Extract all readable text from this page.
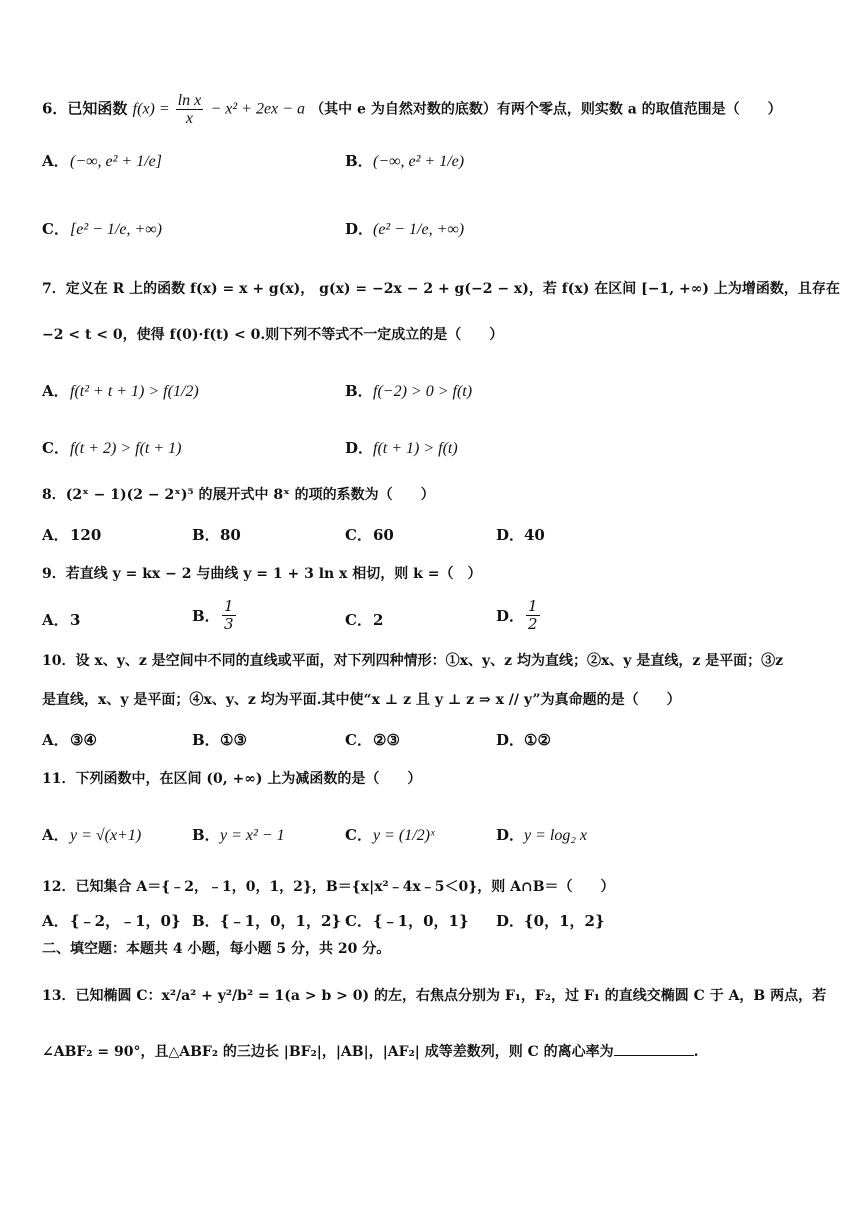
6．已知函数 $f(x) = \frac{\text{ln x}}{x} - x^2 + 2ex - a$ （其中 e 为自然对数的底数）有两个零点，则实数 a 的取值范围是（　　）
A．(−∞, e² + 1/e]	B．(−∞, e² + 1/e)
C．[e² − 1/e, +∞)	D．(e² − 1/e, +∞)
7．定义在 R 上的函数 f(x) = x + g(x)， g(x) = −2x − 2 + g(−2 − x)，若 f(x) 在区间 [−1, +∞) 上为增函数，且存在
−2 < t < 0，使得 f(0)·f(t) < 0.则下列不等式不一定成立的是（　　）
A．f(t² + t + 1) > f(1/2)	B．f(−2) > 0 > f(t)
C．f(t + 2) > f(t + 1)	D．f(t + 1) > f(t)
8．(2ˣ − 1)(2 − 2ˣ)⁵ 的展开式中 8ˣ 的项的系数为（　　）
A．120	B．80	C．60	D．40
9．若直线 y = kx − 2 与曲线 y = 1 + 3 ln x 相切，则 k =（　）
A．3	B． $\frac{1}{3}$	C．2	D． $\frac{1}{2}$
10．设 x、y、z 是空间中不同的直线或平面，对下列四种情形：①x、y、z 均为直线；②x、y 是直线，z 是平面；③z
是直线，x、y 是平面；④x、y、z 均为平面.其中使“x ⊥ z 且 y ⊥ z ⇒ x // y”为真命题的是（　　）
A．③④	B．①③	C．②③	D．①②
11．下列函数中，在区间 (0, +∞) 上为减函数的是（　　）
A．y = √(x+1)	B．y = x² − 1	C．y = (1/2)ˣ	D．y = log₂ x
12．已知集合 A＝{﹣2，﹣1，0，1，2}，B＝{x|x²﹣4x﹣5＜0}，则 A∩B＝（　　）
A．{﹣2，﹣1，0} B．{﹣1，0，1，2} C．{﹣1，0，1} D．{0，1，2}
二、填空题：本题共 4 小题，每小题 5 分，共 20 分。
13．已知椭圆 C：x²/a² + y²/b² = 1(a > b > 0) 的左，右焦点分别为 F₁，F₂，过 F₁ 的直线交椭圆 C 于 A，B 两点，若
∠ABF₂ = 90°，且△ABF₂ 的三边长 |BF₂|，|AB|，|AF₂| 成等差数列，则 C 的离心率为	.
